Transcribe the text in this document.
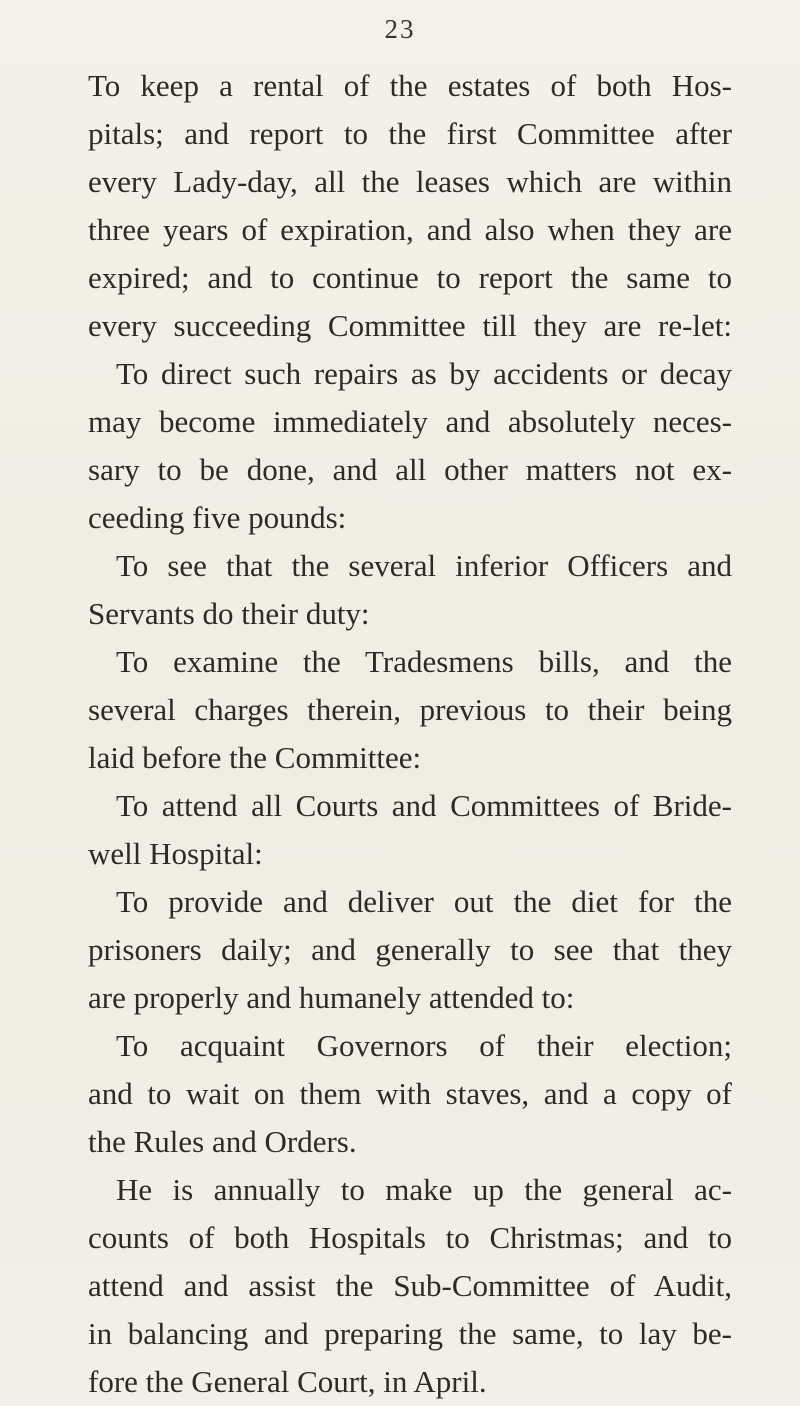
23
To keep a rental of the estates of both Hos-
pitals; and report to the first Committee after
every Lady-day, all the leases which are within
three years of expiration, and also when they are
expired; and to continue to report the same to
every succeeding Committee till they are re-let:
To direct such repairs as by accidents or decay
may become immediately and absolutely neces-
sary to be done, and all other matters not ex-
ceeding five pounds:
To see that the several inferior Officers and
Servants do their duty:
To examine the Tradesmens bills, and the
several charges therein, previous to their being
laid before the Committee:
To attend all Courts and Committees of Bride-
well Hospital:
To provide and deliver out the diet for the
prisoners daily; and generally to see that they
are properly and humanely attended to:
To acquaint Governors of their election;
and to wait on them with staves, and a copy of
the Rules and Orders.
He is annually to make up the general ac-
counts of both Hospitals to Christmas; and to
attend and assist the Sub-Committee of Audit,
in balancing and preparing the same, to lay be-
fore the General Court, in April.
